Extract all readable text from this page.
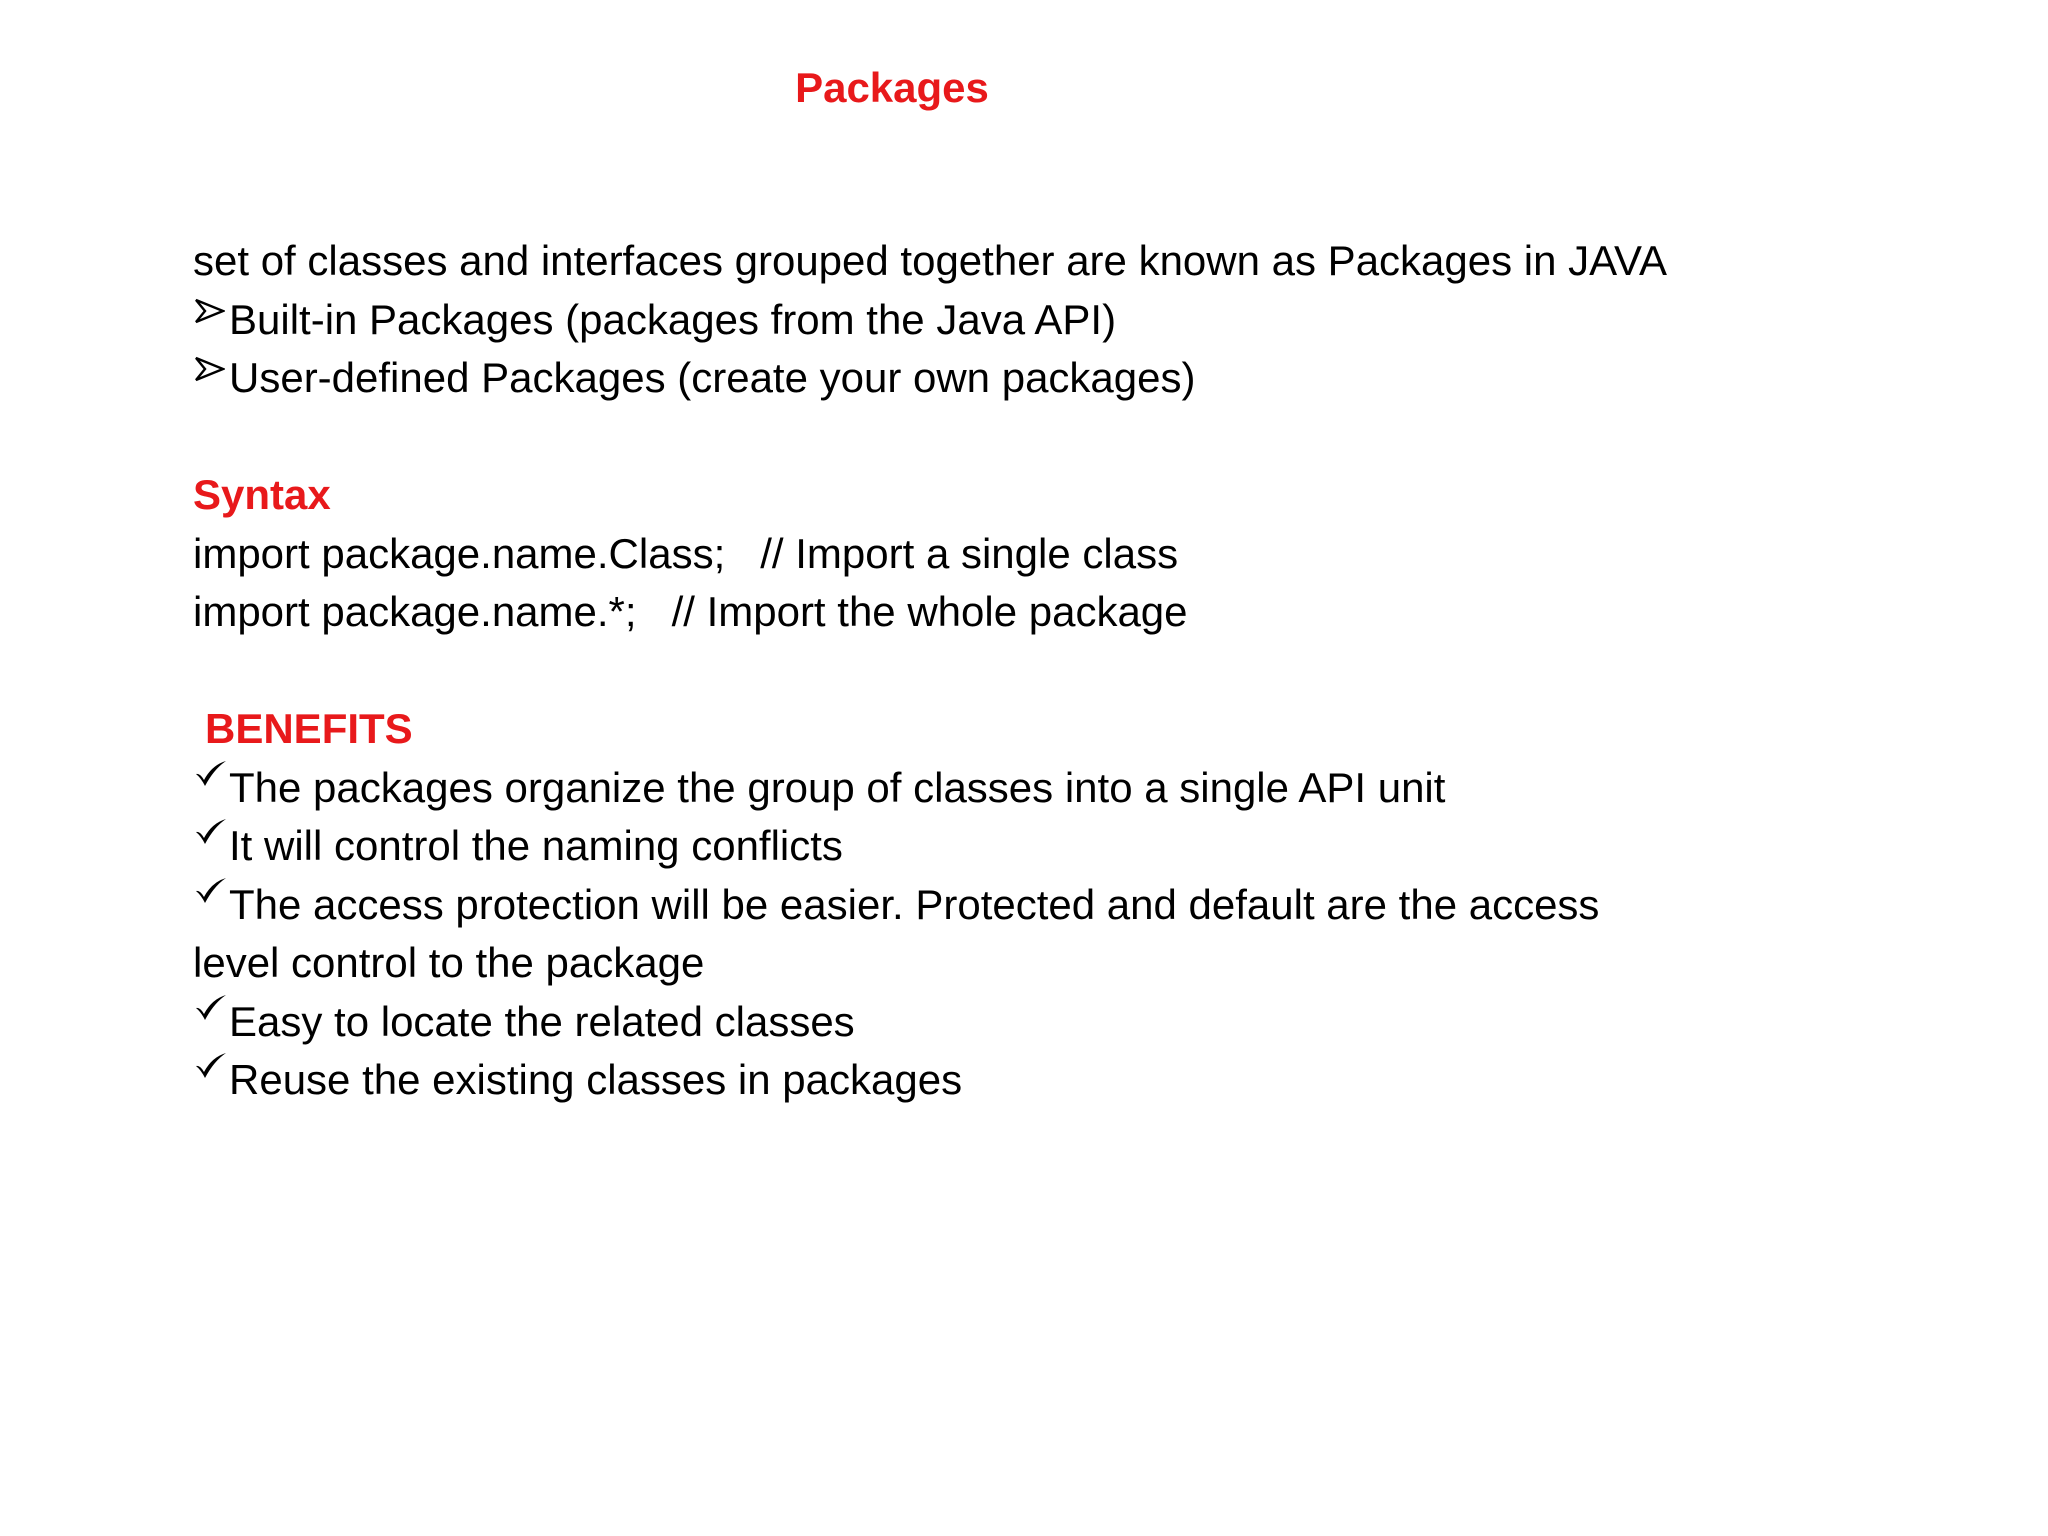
Packages

set of classes and interfaces grouped together are known as Packages in JAVA

Built-in Packages (packages from the Java API)
User-defined Packages (create your own packages)

Syntax

import package.name.Class;   // Import a single class

import package.name.*;   // Import the whole package

BENEFITS

The packages organize the group of classes into a single API unit
It will control the naming conflicts
The access protection will be easier. Protected and default are the access

level control to the package

Easy to locate the related classes
Reuse the existing classes in packages
